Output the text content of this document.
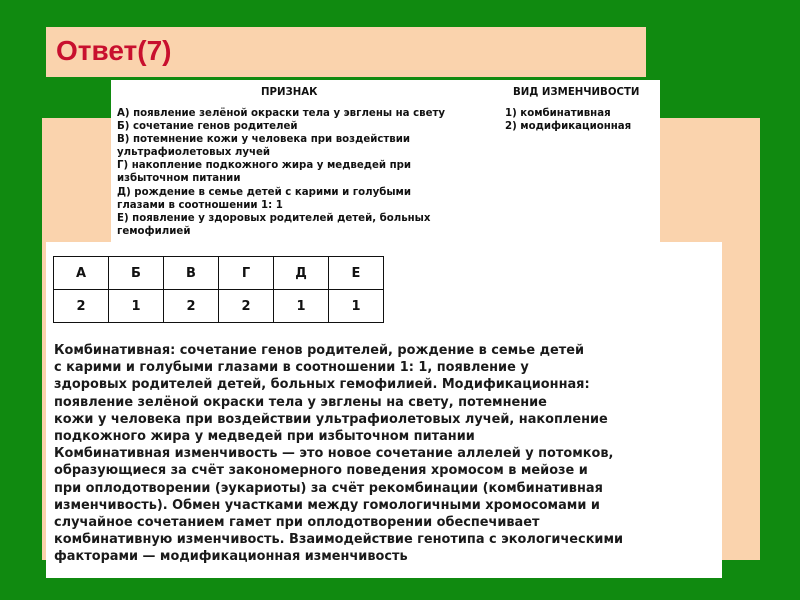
Ответ(7)
ПРИЗНАК	ВИД ИЗМЕНЧИВОСТИ
А) появление зелёной окраски тела у эвглены на свету
Б) сочетание генов родителей
В) потемнение кожи у человека при воздействии
ультрафиолетовых лучей
Г) накопление подкожного жира у медведей при
избыточном питании
Д) рождение в семье детей с карими и голубыми
глазами в соотношении 1: 1
Е) появление у здоровых родителей детей, больных
гемофилией
1) комбинативная
2) модификационная
А	Б	В	Г	Д	Е
2	1	2	2	1	1
Комбинативная: сочетание генов родителей, рождение в семье детей
с карими и голубыми глазами в соотношении 1: 1, появление у
здоровых родителей детей, больных гемофилией. Модификационная:
появление зелёной окраски тела у эвглены на свету, потемнение
кожи у человека при воздействии ультрафиолетовых лучей, накопление
подкожного жира у медведей при избыточном питании
Комбинативная изменчивость — это новое сочетание аллелей у потомков,
образующиеся за счёт закономерного поведения хромосом в мейозе и
при оплодотворении (эукариоты) за счёт рекомбинации (комбинативная
изменчивость). Обмен участками между гомологичными хромосомами и
случайное сочетанием гамет при оплодотворении обеспечивает
комбинативную изменчивость. Взаимодействие генотипа с экологическими
факторами — модификационная изменчивость
